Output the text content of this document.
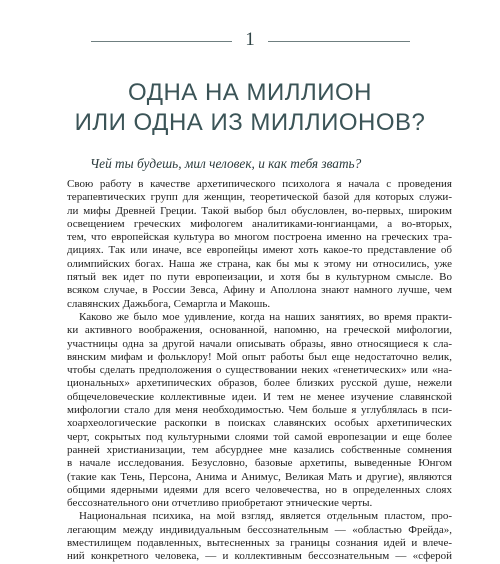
1
ОДНА НА МИЛЛИОН
ИЛИ ОДНА ИЗ МИЛЛИОНОВ?
Чей ты будешь, мил человек, и как тебя звать?
Свою работу в качестве архетипического психолога я начала с проведения
терапевтических групп для женщин, теоретической базой для которых служи-
ли мифы Древней Греции. Такой выбор был обусловлен, во-первых, широким
освещением греческих мифологем аналитиками-юнгианцами, а во-вторых,
тем, что европейская культура во многом построена именно на греческих тра-
дициях. Так или иначе, все европейцы имеют хоть какое-то представление об
олимпийских богах. Наша же страна, как бы мы к этому ни относились, уже
пятый век идет по пути европеизации, и хотя бы в культурном смысле. Во
всяком случае, в России Зевса, Афину и Аполлона знают намного лучше, чем
славянских Дажьбога, Семаргла и Макошь.
Каково же было мое удивление, когда на наших занятиях, во время практи-
ки активного воображения, основанной, напомню, на греческой мифологии,
участницы одна за другой начали описывать образы, явно относящиеся к сла-
вянским мифам и фольклору! Мой опыт работы был еще недостаточно велик,
чтобы сделать предположения о существовании неких «генетических» или «на-
циональных» архетипических образов, более близких русской душе, нежели
общечеловеческие коллективные идеи. И тем не менее изучение славянской
мифологии стало для меня необходимостью. Чем больше я углублялась в пси-
хоархеологические раскопки в поисках славянских особых архетипических
черт, сокрытых под культурными слоями той самой европезации и еще более
ранней христианизации, тем абсурднее мне казались собственные сомнения
в начале исследования. Безусловно, базовые архетипы, выведенные Юнгом
(такие как Тень, Персона, Анима и Анимус, Великая Мать и другие), являются
общими ядерными идеями для всего человечества, но в определенных слоях
бессознательного они отчетливо приобретают этнические черты.
Национальная психика, на мой взгляд, является отдельным пластом, про-
легающим между индивидуальным бессознательным — «областью Фрейда»,
вместилищем подавленных, вытесненных за границы сознания идей и влече-
ний конкретного человека, — и коллективным бессознательным — «сферой
